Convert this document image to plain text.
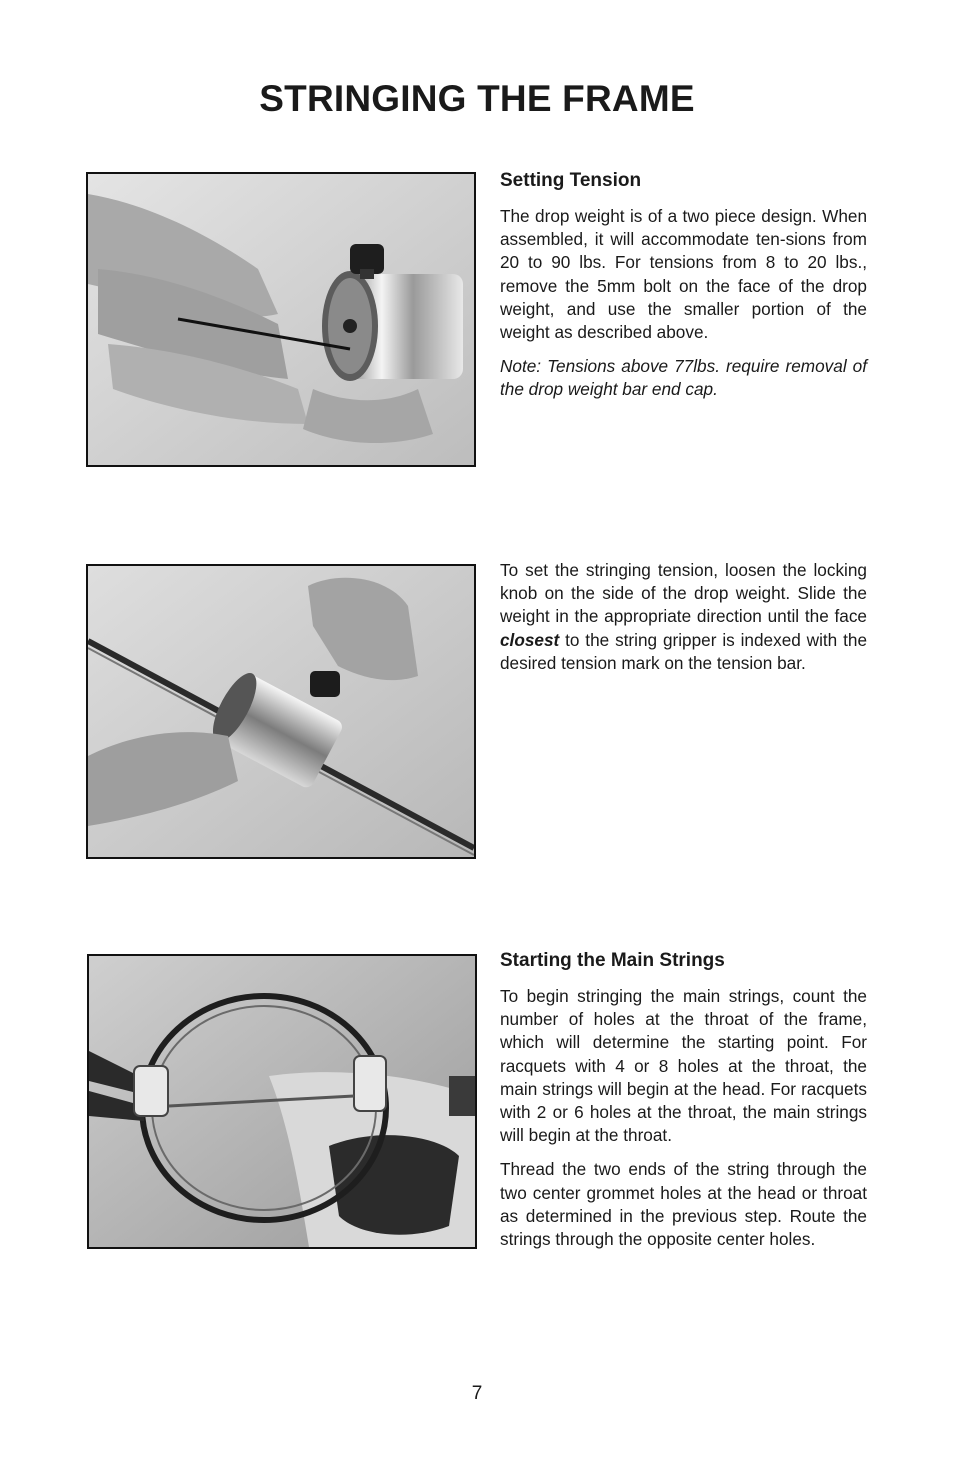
STRINGING THE FRAME
Setting Tension

The drop weight is of a two piece design. When assembled, it will accommodate ten-sions from 20 to 90 lbs. For tensions from 8 to 20 lbs., remove the 5mm bolt on the face of the drop weight, and use the smaller portion of the weight as described above.

Note: Tensions above 77lbs. require removal of the drop weight bar end cap.

To set the stringing tension, loosen the locking knob on the side of the drop weight. Slide the weight in the appropriate direction until the face closest to the string gripper is indexed with the desired tension mark on the tension bar.

Starting the Main Strings

To begin stringing the main strings, count the number of holes at the throat of the frame, which will determine the starting point. For racquets with 4 or 8 holes at the throat, the main strings will begin at the head. For racquets with 2 or 6 holes at the throat, the main strings will begin at the throat.

Thread the two ends of the string through the two center grommet holes at the head or throat as determined in the previous step. Route the strings through the opposite center holes.

7
